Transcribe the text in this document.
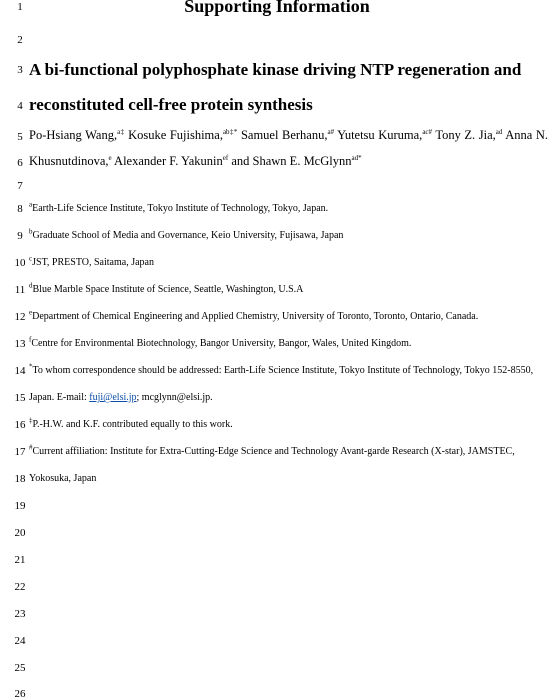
1
2
3
4
5
6
7
8
9
10
11
12
13
14
15
16
17
18
19
20
21
22
23
24
25
26
Supporting Information
A bi-functional polyphosphate kinase driving NTP regeneration and
reconstituted cell-free protein synthesis
Po-Hsiang Wang,$^{a\ddagger}$ Kosuke Fujishima,$^{ab\ddagger*}$ Samuel Berhanu,$^{a\#}$ Yutetsu Kuruma,$^{ac\#}$ Tony Z. Jia,$^{ad}$ Anna N.
Khusnutdinova,$^e$ Alexander F. Yakunin$^{ef}$ and Shawn E. McGlynn$^{ad*}$
$^a$Earth-Life Science Institute, Tokyo Institute of Technology, Tokyo, Japan.
$^b$Graduate School of Media and Governance, Keio University, Fujisawa, Japan
$^c$JST, PRESTO, Saitama, Japan
$^d$Blue Marble Space Institute of Science, Seattle, Washington, U.S.A
$^e$Department of Chemical Engineering and Applied Chemistry, University of Toronto, Toronto, Ontario, Canada.
$^f$Centre for Environmental Biotechnology, Bangor University, Bangor, Wales, United Kingdom.
*To whom correspondence should be addressed: Earth-Life Science Institute, Tokyo Institute of Technology, Tokyo 152-8550,
Japan. E-mail: fuji@elsi.jp; mcglynn@elsi.jp.
‡P.-H.W. and K.F. contributed equally to this work.
#Current affiliation: Institute for Extra-Cutting-Edge Science and Technology Avant-garde Research (X-star), JAMSTEC,
Yokosuka, Japan
